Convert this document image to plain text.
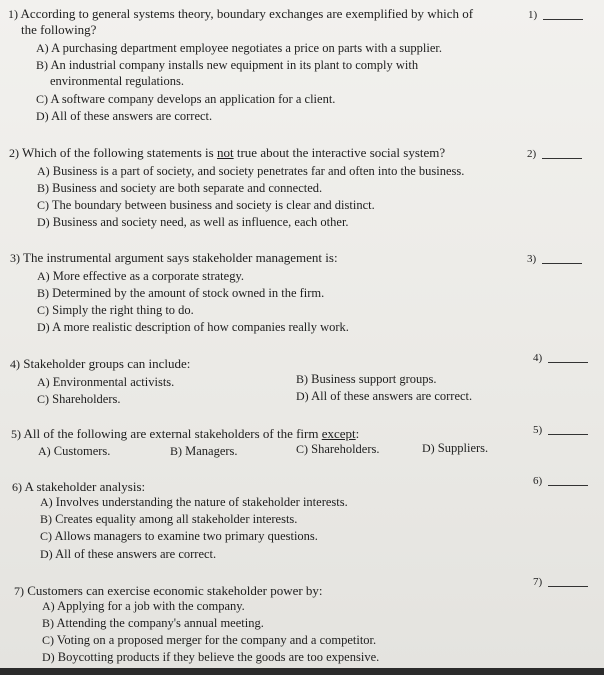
1) According to general systems theory, boundary exchanges are exemplified by which of
the following?
A) A purchasing department employee negotiates a price on parts with a supplier.
B) An industrial company installs new equipment in its plant to comply with
environmental regulations.
C) A software company develops an application for a client.
D) All of these answers are correct.
1)
2) Which of the following statements is not true about the interactive social system?
A) Business is a part of society, and society penetrates far and often into the business.
B) Business and society are both separate and connected.
C) The boundary between business and society is clear and distinct.
D) Business and society need, as well as influence, each other.
2)
3) The instrumental argument says stakeholder management is:
A) More effective as a corporate strategy.
B) Determined by the amount of stock owned in the firm.
C) Simply the right thing to do.
D) A more realistic description of how companies really work.
3)
4) Stakeholder groups can include:
A) Environmental activists.	B) Business support groups.
C) Shareholders.	D) All of these answers are correct.
4)
5) All of the following are external stakeholders of the firm except:
A) Customers.	B) Managers.	C) Shareholders.	D) Suppliers.
5)
6) A stakeholder analysis:
A) Involves understanding the nature of stakeholder interests.
B) Creates equality among all stakeholder interests.
C) Allows managers to examine two primary questions.
D) All of these answers are correct.
6)
7) Customers can exercise economic stakeholder power by:
A) Applying for a job with the company.
B) Attending the company's annual meeting.
C) Voting on a proposed merger for the company and a competitor.
D) Boycotting products if they believe the goods are too expensive.
7)
